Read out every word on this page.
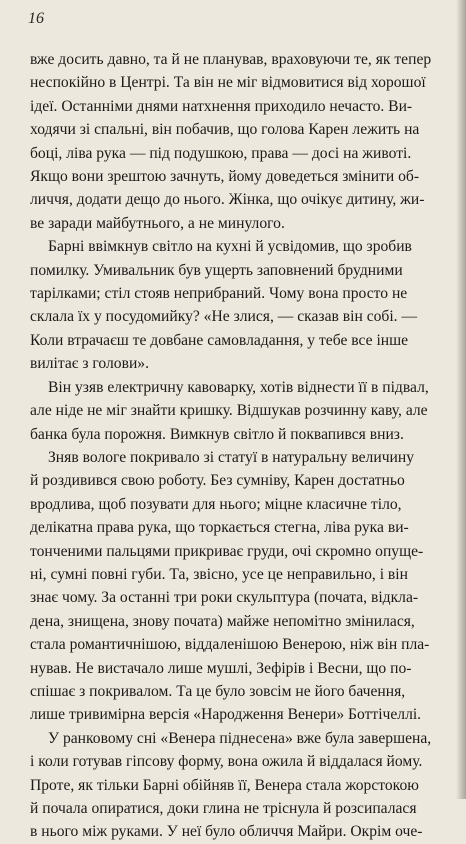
16
вже досить давно, та й не планував, враховуючи те, як тепер
неспокійно в Центрі. Та він не міг відмовитися від хорошої
ідеї. Останніми днями натхнення приходило нечасто. Ви-
ходячи зі спальні, він побачив, що голова Карен лежить на
боці, ліва рука — під подушкою, права — досі на животі.
Якщо вони зрештою зачнуть, йому доведеться змінити об-
личчя, додати дещо до нього. Жінка, що очікує дитину, жи-
ве заради майбутнього, а не минулого.
Барні ввімкнув світло на кухні й усвідомив, що зробив
помилку. Умивальник був ущерть заповнений брудними
тарілками; стіл стояв неприбраний. Чому вона просто не
склала їх у посудомийку? «Не злися, — сказав він собі. —
Коли втрачаєш те довбане самовладання, у тебе все інше
вилітає з голови».
Він узяв електричну кавоварку, хотів віднести її в підвал,
але ніде не міг знайти кришку. Відшукав розчинну каву, але
банка була порожня. Вимкнув світло й поквапився вниз.
Зняв вологе покривало зі статуї в натуральну величину
й роздивився свою роботу. Без сумніву, Карен достатньо
вродлива, щоб позувати для нього; міцне класичне тіло,
делікатна права рука, що торкається стегна, ліва рука ви-
тонченими пальцями прикриває груди, очі скромно опуще-
ні, сумні повні губи. Та, звісно, усе це неправильно, і він
знає чому. За останні три роки скульптура (почата, відкла-
дена, знищена, знову почата) майже непомітно змінилася,
стала романтичнішою, віддаленішою Венерою, ніж він пла-
нував. Не вистачало лише мушлі, Зефірів і Весни, що по-
спішає з покривалом. Та це було зовсім не його бачення,
лише тривимірна версія «Народження Венери» Боттічеллі.
У ранковому сні «Венера піднесена» вже була завершена,
і коли готував гіпсову форму, вона ожила й віддалася йому.
Проте, як тільки Барні обійняв її, Венера стала жорстокою
й почала опиратися, доки глина не тріснула й розсипалася
в нього між руками. У неї було обличчя Майри. Окрім оче-
